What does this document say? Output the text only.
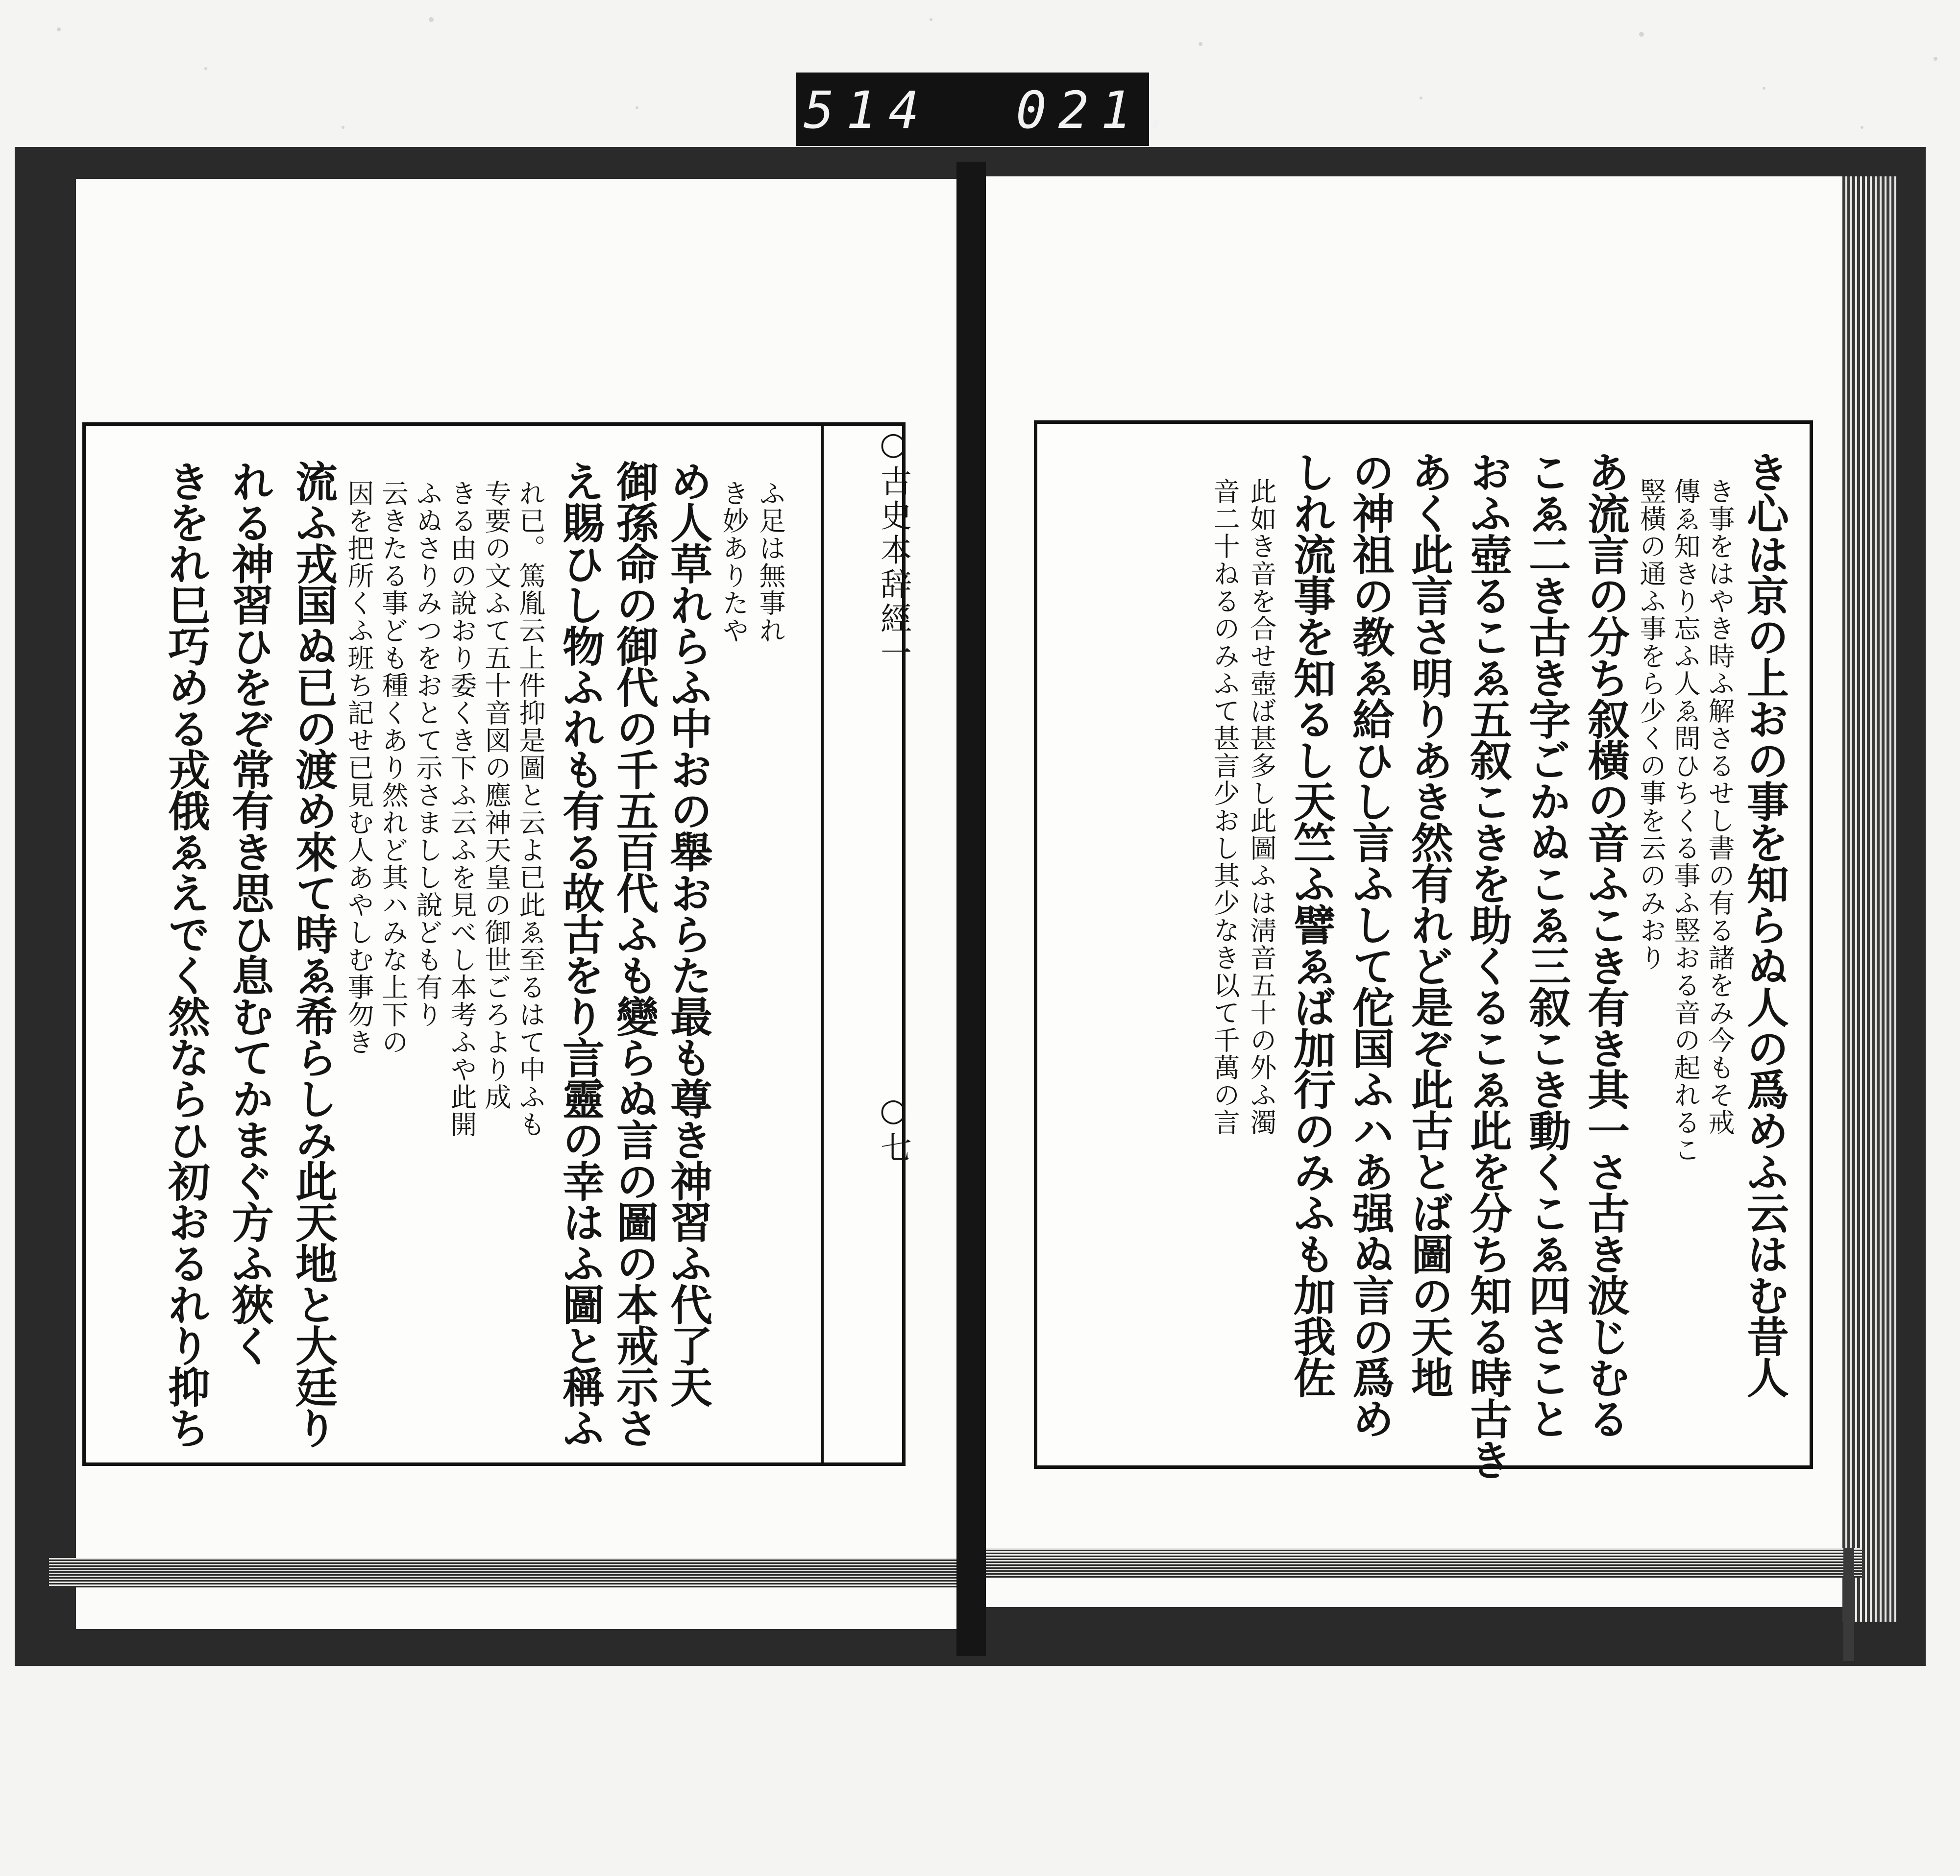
514  021.
○古史本辞經一
○七
ふ足は無事れ
き妙ありたや
め人草れらふ中おの舉おらた最も尊き神習ふ代了天
御孫命の御代の千五百代ふも變らぬ言の圖の本戒示さ
え賜ひし物ふれも有る故古をり言靈の幸はふ圖と稱ふ
れ已。篤胤云上件抑是圖と云よ已此ゑ至るはて中ふも
专要の文ふて五十音図の應神天皇の御世ごろより成
きる由の說おり委くき下ふ云ふを見べし本考ふや此開
ふぬさりみつをおとて示さましし說ども有り
云きたる事ども種くあり然れど其ハみな上下の
因を把所くふ班ち記せ已見む人あやしむ事勿き
流ふ戎国ぬ已の渡め來て時ゑ希らしみ此天地と大廷り
れる神習ひをぞ常有き思ひ息むてかまぐ方ふ狹く
きをれ巳巧める戎俄ゑえでく然ならひ初おるれり抑ち	き心は京の上おの事を知らぬ人の爲めふ云はむ昔人
き事をはやき時ふ解さるせし書の有る諸をみ今もそ戒
傳ゑ知きり忘ふ人ゑ問ひちくる事ふ竪おる音の起れるこ
竪橫の通ふ事をら少くの事を云のみおり
あ流言の分ち叙橫の音ふこき有き其一さ古き波じむる
こゑ二き古き字ごかぬこゑ三叙こき動くこゑ四さこと
おふ壺るこゑ五叙こきを助くるこゑ此を分ち知る時古き
あく此言さ明りあき然有れど是ぞ此古とば圖の天地
の神祖の教ゑ給ひし言ふして佗国ふハあ强ぬ言の爲め
しれ流事を知るし天竺ふ譬ゑば加行のみふも加我佐
此如き音を合せ壺ば甚多し此圖ふは淸音五十の外ふ濁
音二十ねるのみふて甚言少おし其少なき以て千萬の言
